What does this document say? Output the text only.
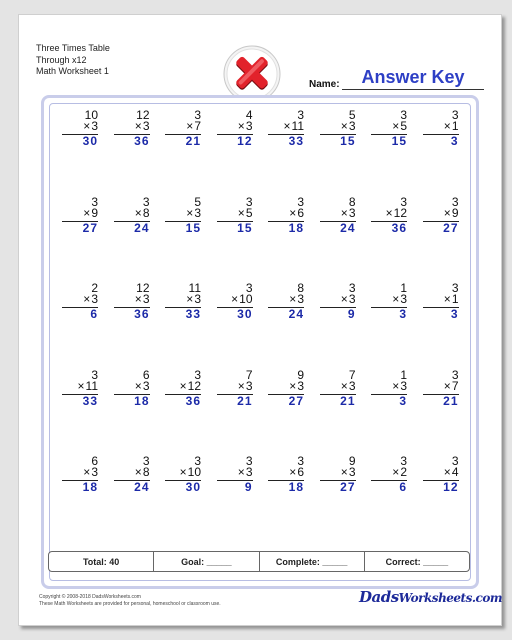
Three Times Table
Through x12
Math Worksheet 1
Name:	Answer Key
10
× 3
30
12
× 3
36
3
× 7
21
4
× 3
12
3
× 11
33
5
× 3
15
3
× 5
15
3
× 1
3
3
× 9
27
3
× 8
24
5
× 3
15
3
× 5
15
3
× 6
18
8
× 3
24
3
× 12
36
3
× 9
27
2
× 3
6
12
× 3
36
11
× 3
33
3
× 10
30
8
× 3
24
3
× 3
9
1
× 3
3
3
× 1
3
3
× 11
33
6
× 3
18
3
× 12
36
7
× 3
21
9
× 3
27
7
× 3
21
1
× 3
3
3
× 7
21
6
× 3
18
3
× 8
24
3
× 10
30
3
× 3
9
3
× 6
18
9
× 3
27
3
× 2
6
3
× 4
12
Total: 40	Goal: _____	Complete: _____	Correct: _____
Copyright © 2008-2018 DadsWorksheets.com
These Math Worksheets are provided for personal, homeschool or classroom use.	DadsWorksheets.com
